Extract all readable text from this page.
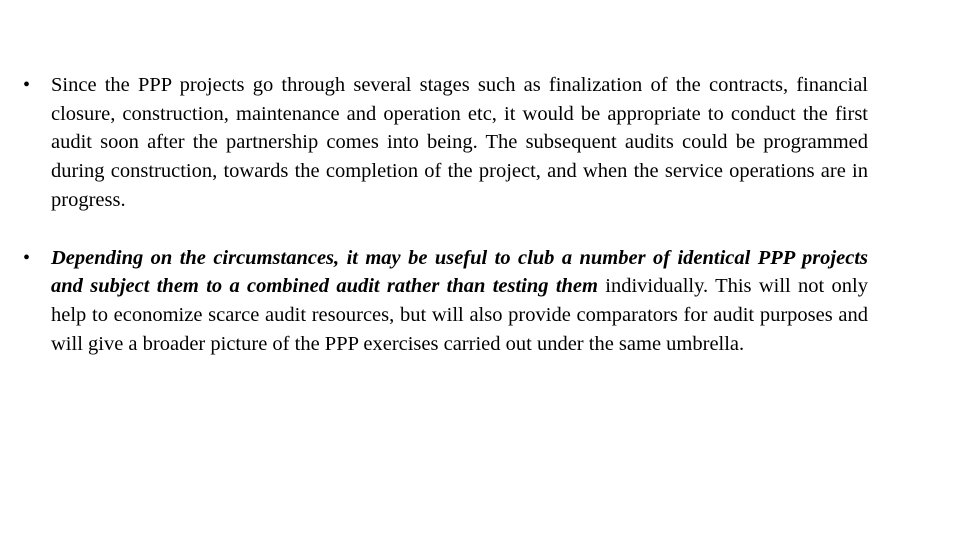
• Since the PPP projects go through several stages such as finalization of the contracts, financial closure, construction, maintenance and operation etc, it would be appropriate to conduct the first audit soon after the partnership comes into being. The subsequent audits could be programmed during construction, towards the completion of the project, and when the service operations are in progress.
• Depending on the circumstances, it may be useful to club a number of identical PPP projects and subject them to a combined audit rather than testing them individually. This will not only help to economize scarce audit resources, but will also provide comparators for audit purposes and will give a broader picture of the PPP exercises carried out under the same umbrella.
